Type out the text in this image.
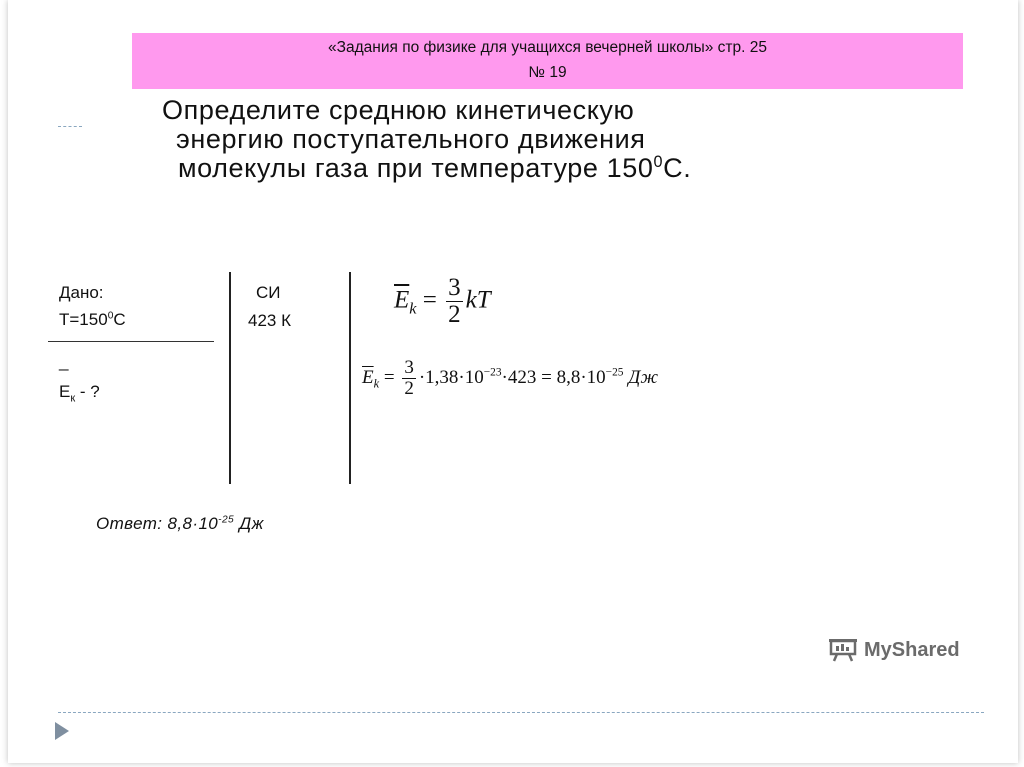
«Задания по физике для учащихся вечерней школы» стр. 25
№ 19
Определите среднюю кинетическую
энергию поступательного движения
молекулы газа при температуре $150^0С$.
Дано:
$Т=150^0С$
_
$Е_к$ - ?
СИ
423 К
$\overline{E}_k = \frac{3}{2}$ kT
$\overline{E}_k = \frac{3}{2} \cdot 1,38\cdot 10^{-23}\cdot 423 = 8,8\cdot 10^{-25}$ Дж
Ответ: $8,8\cdot 10^{-25}$ Дж
MyShared
